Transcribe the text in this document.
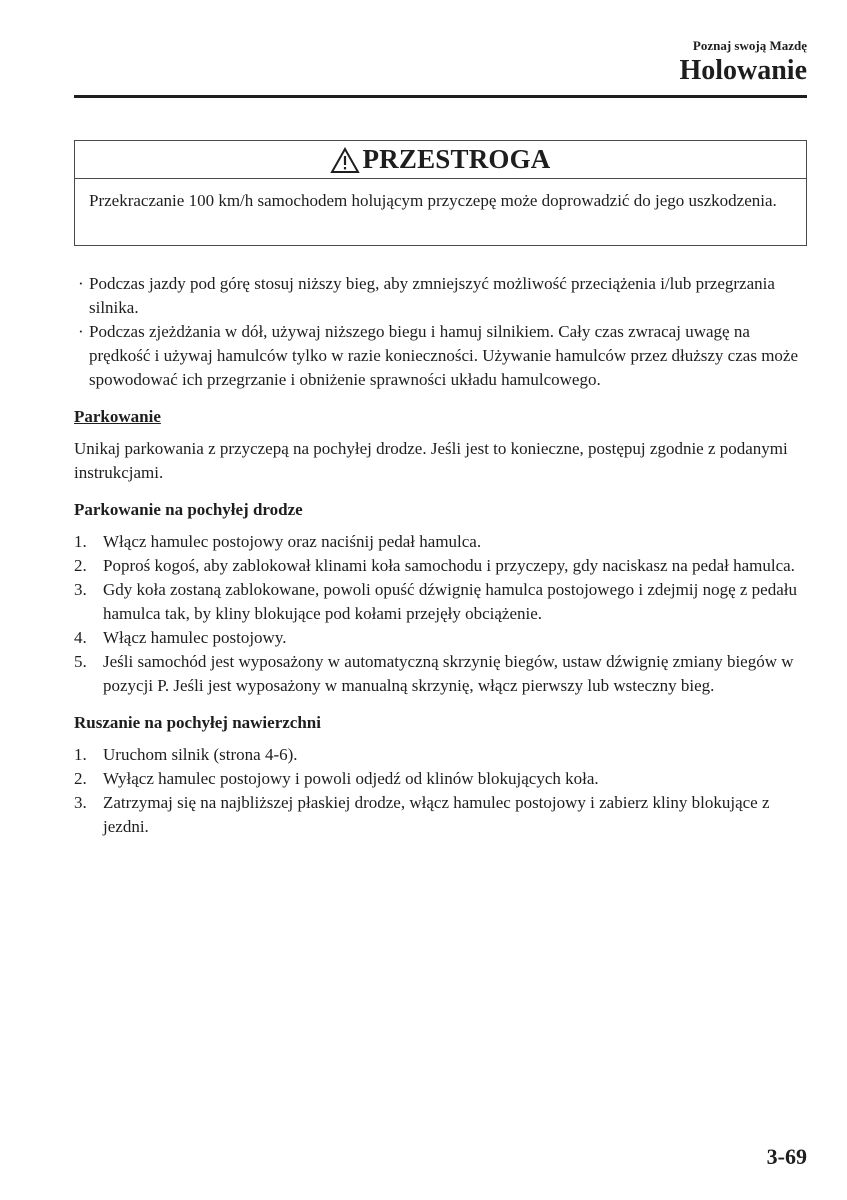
Poznaj swoją Mazdę
Holowanie
PRZESTROGA
Przekraczanie 100 km/h samochodem holującym przyczepę może doprowadzić do jego uszkodzenia.
· Podczas jazdy pod górę stosuj niższy bieg, aby zmniejszyć możliwość przeciążenia i/lub przegrzania silnika.
· Podczas zjeżdżania w dół, używaj niższego biegu i hamuj silnikiem. Cały czas zwracaj uwagę na prędkość i używaj hamulców tylko w razie konieczności. Używanie hamulców przez dłuższy czas może spowodować ich przegrzanie i obniżenie sprawności układu hamulcowego.
Parkowanie
Unikaj parkowania z przyczepą na pochyłej drodze. Jeśli jest to konieczne, postępuj zgodnie z podanymi instrukcjami.
Parkowanie na pochyłej drodze
1. Włącz hamulec postojowy oraz naciśnij pedał hamulca.
2. Poproś kogoś, aby zablokował klinami koła samochodu i przyczepy, gdy naciskasz na pedał hamulca.
3. Gdy koła zostaną zablokowane, powoli opuść dźwignię hamulca postojowego i zdejmij nogę z pedału hamulca tak, by kliny blokujące pod kołami przejęły obciążenie.
4. Włącz hamulec postojowy.
5. Jeśli samochód jest wyposażony w automatyczną skrzynię biegów, ustaw dźwignię zmiany biegów w pozycji P. Jeśli jest wyposażony w manualną skrzynię, włącz pierwszy lub wsteczny bieg.
Ruszanie na pochyłej nawierzchni
1. Uruchom silnik (strona 4-6).
2. Wyłącz hamulec postojowy i powoli odjedź od klinów blokujących koła.
3. Zatrzymaj się na najbliższej płaskiej drodze, włącz hamulec postojowy i zabierz kliny blokujące z jezdni.
3-69
